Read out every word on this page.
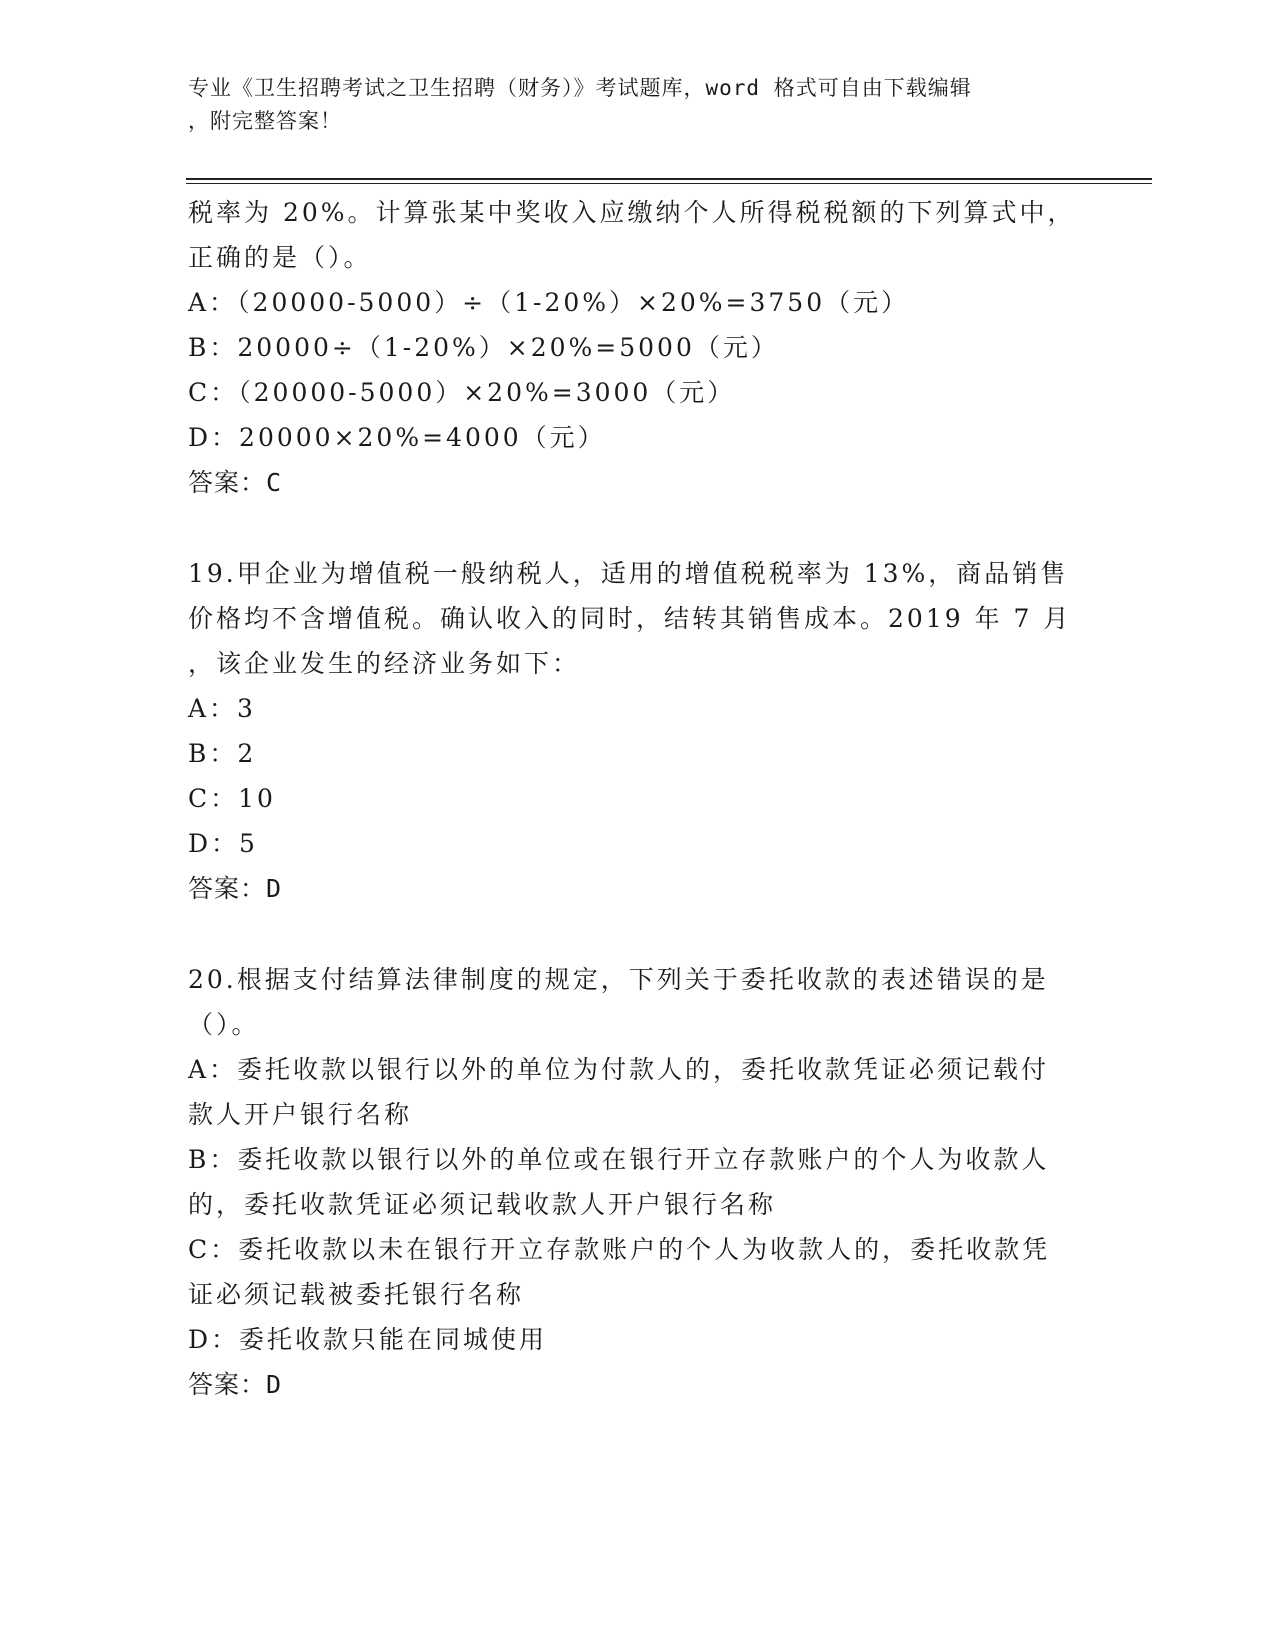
专业《卫生招聘考试之卫生招聘（财务）》考试题库，word 格式可自由下载编辑
，附完整答案！
税率为 20%。计算张某中奖收入应缴纳个人所得税税额的下列算式中，
正确的是（）。
A：（20000-5000）÷（1-20%）×20%=3750（元）
B：20000÷（1-20%）×20%=5000（元）
C：（20000-5000）×20%=3000（元）
D：20000×20%=4000（元）
答案：C
19.甲企业为增值税一般纳税人，适用的增值税税率为 13%，商品销售
价格均不含增值税。确认收入的同时，结转其销售成本。2019 年 7 月
，该企业发生的经济业务如下：
A：3
B：2
C：10
D：5
答案：D
20.根据支付结算法律制度的规定，下列关于委托收款的表述错误的是
（）。
A：委托收款以银行以外的单位为付款人的，委托收款凭证必须记载付
款人开户银行名称
B：委托收款以银行以外的单位或在银行开立存款账户的个人为收款人
的，委托收款凭证必须记载收款人开户银行名称
C：委托收款以未在银行开立存款账户的个人为收款人的，委托收款凭
证必须记载被委托银行名称
D：委托收款只能在同城使用
答案：D
